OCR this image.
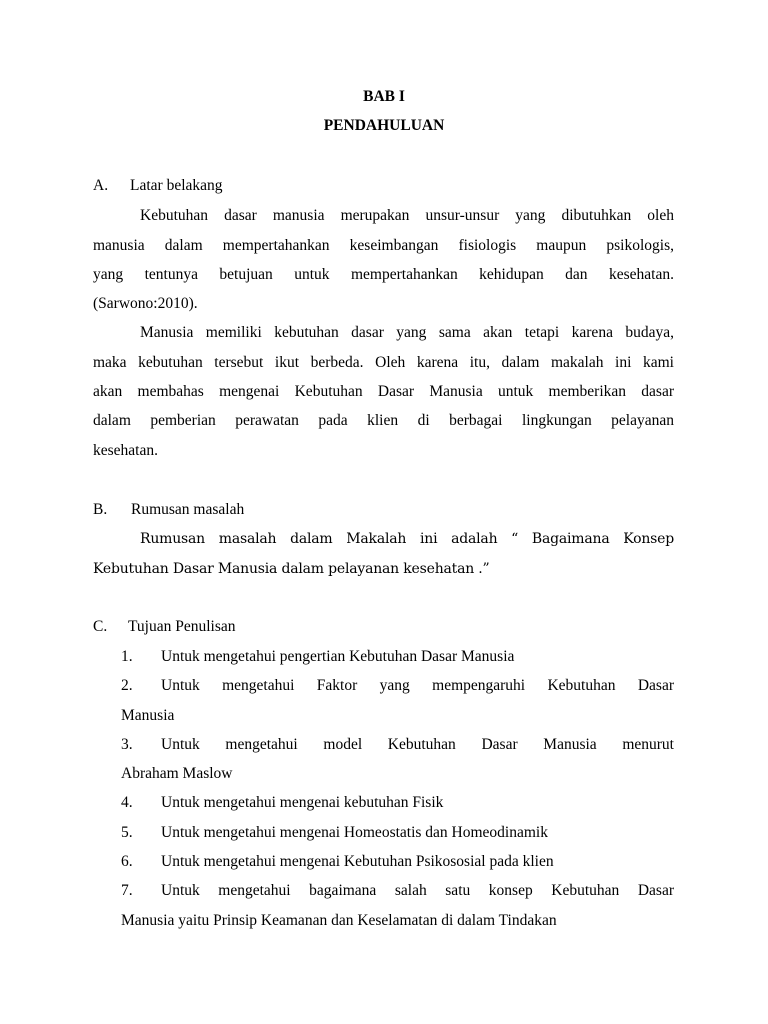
BAB I
PENDAHULUAN
A. Latar belakang
Kebutuhan dasar manusia merupakan unsur-unsur yang dibutuhkan oleh
manusia dalam mempertahankan keseimbangan fisiologis maupun psikologis,
yang tentunya betujuan untuk mempertahankan kehidupan dan kesehatan.
(Sarwono:2010).
Manusia memiliki kebutuhan dasar yang sama akan tetapi karena budaya,
maka kebutuhan tersebut ikut berbeda. Oleh karena itu, dalam makalah ini kami
akan membahas mengenai Kebutuhan Dasar Manusia untuk memberikan dasar
dalam pemberian perawatan pada klien di berbagai lingkungan pelayanan
kesehatan.
B. Rumusan masalah
Rumusan masalah dalam Makalah ini adalah “ Bagaimana Konsep
Kebutuhan Dasar Manusia dalam pelayanan kesehatan .”
C. Tujuan Penulisan
1. Untuk mengetahui pengertian Kebutuhan Dasar Manusia
2. Untuk mengetahui Faktor yang mempengaruhi Kebutuhan Dasar
Manusia
3. Untuk mengetahui model Kebutuhan Dasar Manusia menurut
Abraham Maslow
4. Untuk mengetahui mengenai kebutuhan Fisik
5. Untuk mengetahui mengenai Homeostatis dan Homeodinamik
6. Untuk mengetahui mengenai Kebutuhan Psikososial pada klien
7. Untuk mengetahui bagaimana salah satu konsep Kebutuhan Dasar
Manusia yaitu Prinsip Keamanan dan Keselamatan di dalam Tindakan
